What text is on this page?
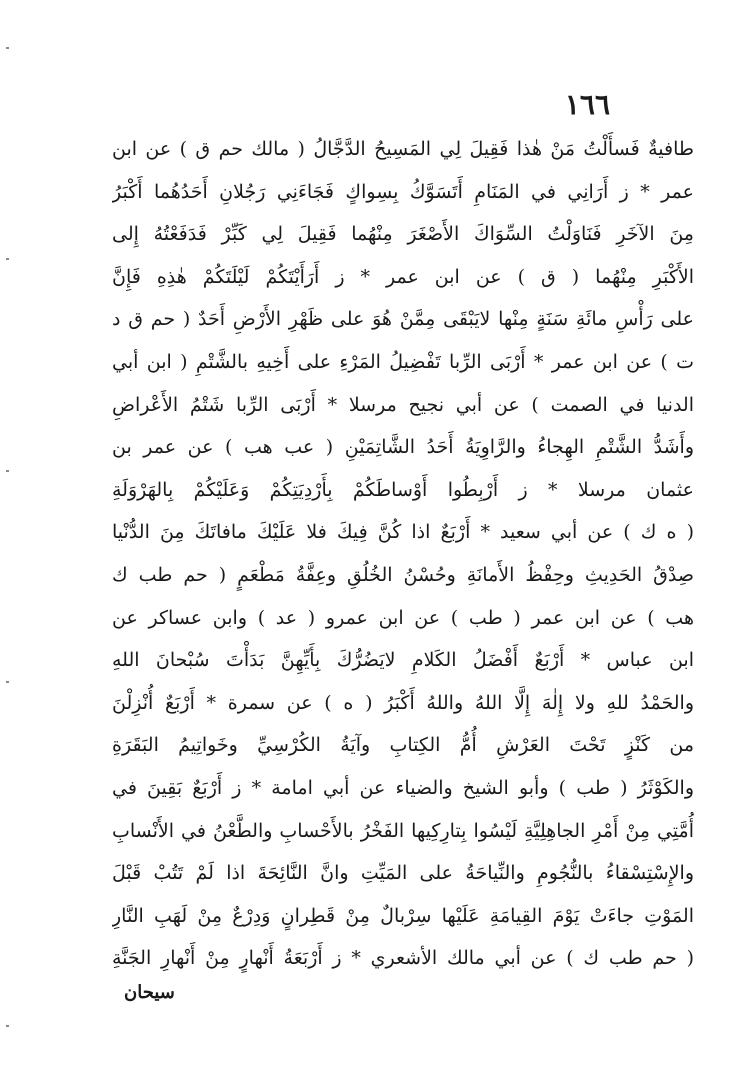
١٦٦
طافيةٌ فَسأَلْتُ مَنْ هٰذا فَقِيلَ لِي المَسِيحُ الدَّجَّالُ ( مالك حم ق ) عن ابن
عمر * ز أَرَانِي في المَنَامِ أَتَسَوَّكُ بِسِواكٍ فَجَاءَنِي رَجُلانِ أَحَدُهُما أَكْبَرُ
مِنَ الآخَرِ فَنَاوَلْتُ السِّوَاكَ الأَصْغَرَ مِنْهُما فَقِيلَ لِي كَبِّرْ فَدَفَعْتُهُ إِلى
الأَكْبَرِ مِنْهُما ( ق ) عن ابن عمر * ز أَرَأَيْتَكُمْ لَيْلَتَكُمْ هٰذِهِ فَإِنَّ
على رَأْسِ مائَةِ سَنَةٍ مِنْها لايَبْقَى مِمَّنْ هُوَ على ظَهْرِ الأَرْضِ أَحَدٌ ( حم ق د
ت ) عن ابن عمر * أَرْبَى الرِّبا تَفْضِيلُ المَرْءِ على أَخِيهِ بالشَّتْمِ ( ابن أبي
الدنيا في الصمت ) عن أبي نجيح مرسلا * أَرْبَى الرِّبا شَتْمُ الأَعْراضِ
وأَشَدُّ الشَّتْمِ الهِجاءُ والرَّاوِيَةُ أَحَدُ الشَّاتِمَيْنِ ( عب هب ) عن عمر بن
عثمان مرسلا * ز أَرْبِطُوا أَوْساطَكُمْ بِأَرْدِيَتِكُمْ وَعَلَيْكُمْ بِالهَرْوَلَةِ
( ه ك ) عن أبي سعيد * أَرْبَعٌ اذا كُنَّ فِيكَ فلا عَلَيْكَ مافاتَكَ مِنَ الدُّنْيا
صِدْقُ الحَدِيثِ وحِفْظُ الأَمانَةِ وحُسْنُ الخُلُقِ وعِفَّةُ مَطْعَمٍ ( حم طب ك
هب ) عن ابن عمر ( طب ) عن ابن عمرو ( عد ) وابن عساكر عن
ابن عباس * أَرْبَعٌ أَفْضَلُ الكَلامِ لايَضُرُّكَ بِأَيِّهِنَّ بَدَأْتَ سُبْحانَ اللهِ
والحَمْدُ للهِ ولا إِلٰهَ إِلَّا اللهُ واللهُ أَكْبَرُ ( ه ) عن سمرة * أَرْبَعٌ أُنْزِلْنَ
من كَنْزٍ تَحْتَ العَرْشِ أُمُّ الكِتابِ وآيَةُ الكُرْسِيِّ وخَواتِيمُ البَقَرَةِ
والكَوْثَرُ ( طب ) وأبو الشيخ والضياء عن أبي امامة * ز أَرْبَعٌ بَقِينَ في
أُمَّتِي مِنْ أَمْرِ الجاهِلِيَّةِ لَيْسُوا بِتارِكِيها الفَخْرُ بالأَحْسابِ والطَّعْنُ في الأَنْسابِ
والإِسْتِسْقاءُ بالنُّجُومِ والنِّياحَةُ على المَيِّتِ وانَّ النَّائِحَةَ اذا لَمْ تَتُبْ قَبْلَ
المَوْتِ جاءَتْ يَوْمَ القِيامَةِ عَلَيْها سِرْبالٌ مِنْ قَطِرانٍ وَدِرْعٌ مِنْ لَهَبِ النَّارِ
( حم طب ك ) عن أبي مالك الأشعري * ز أَرْبَعَةُ أَنْهارٍ مِنْ أَنْهارِ الجَنَّةِ
سيحان
